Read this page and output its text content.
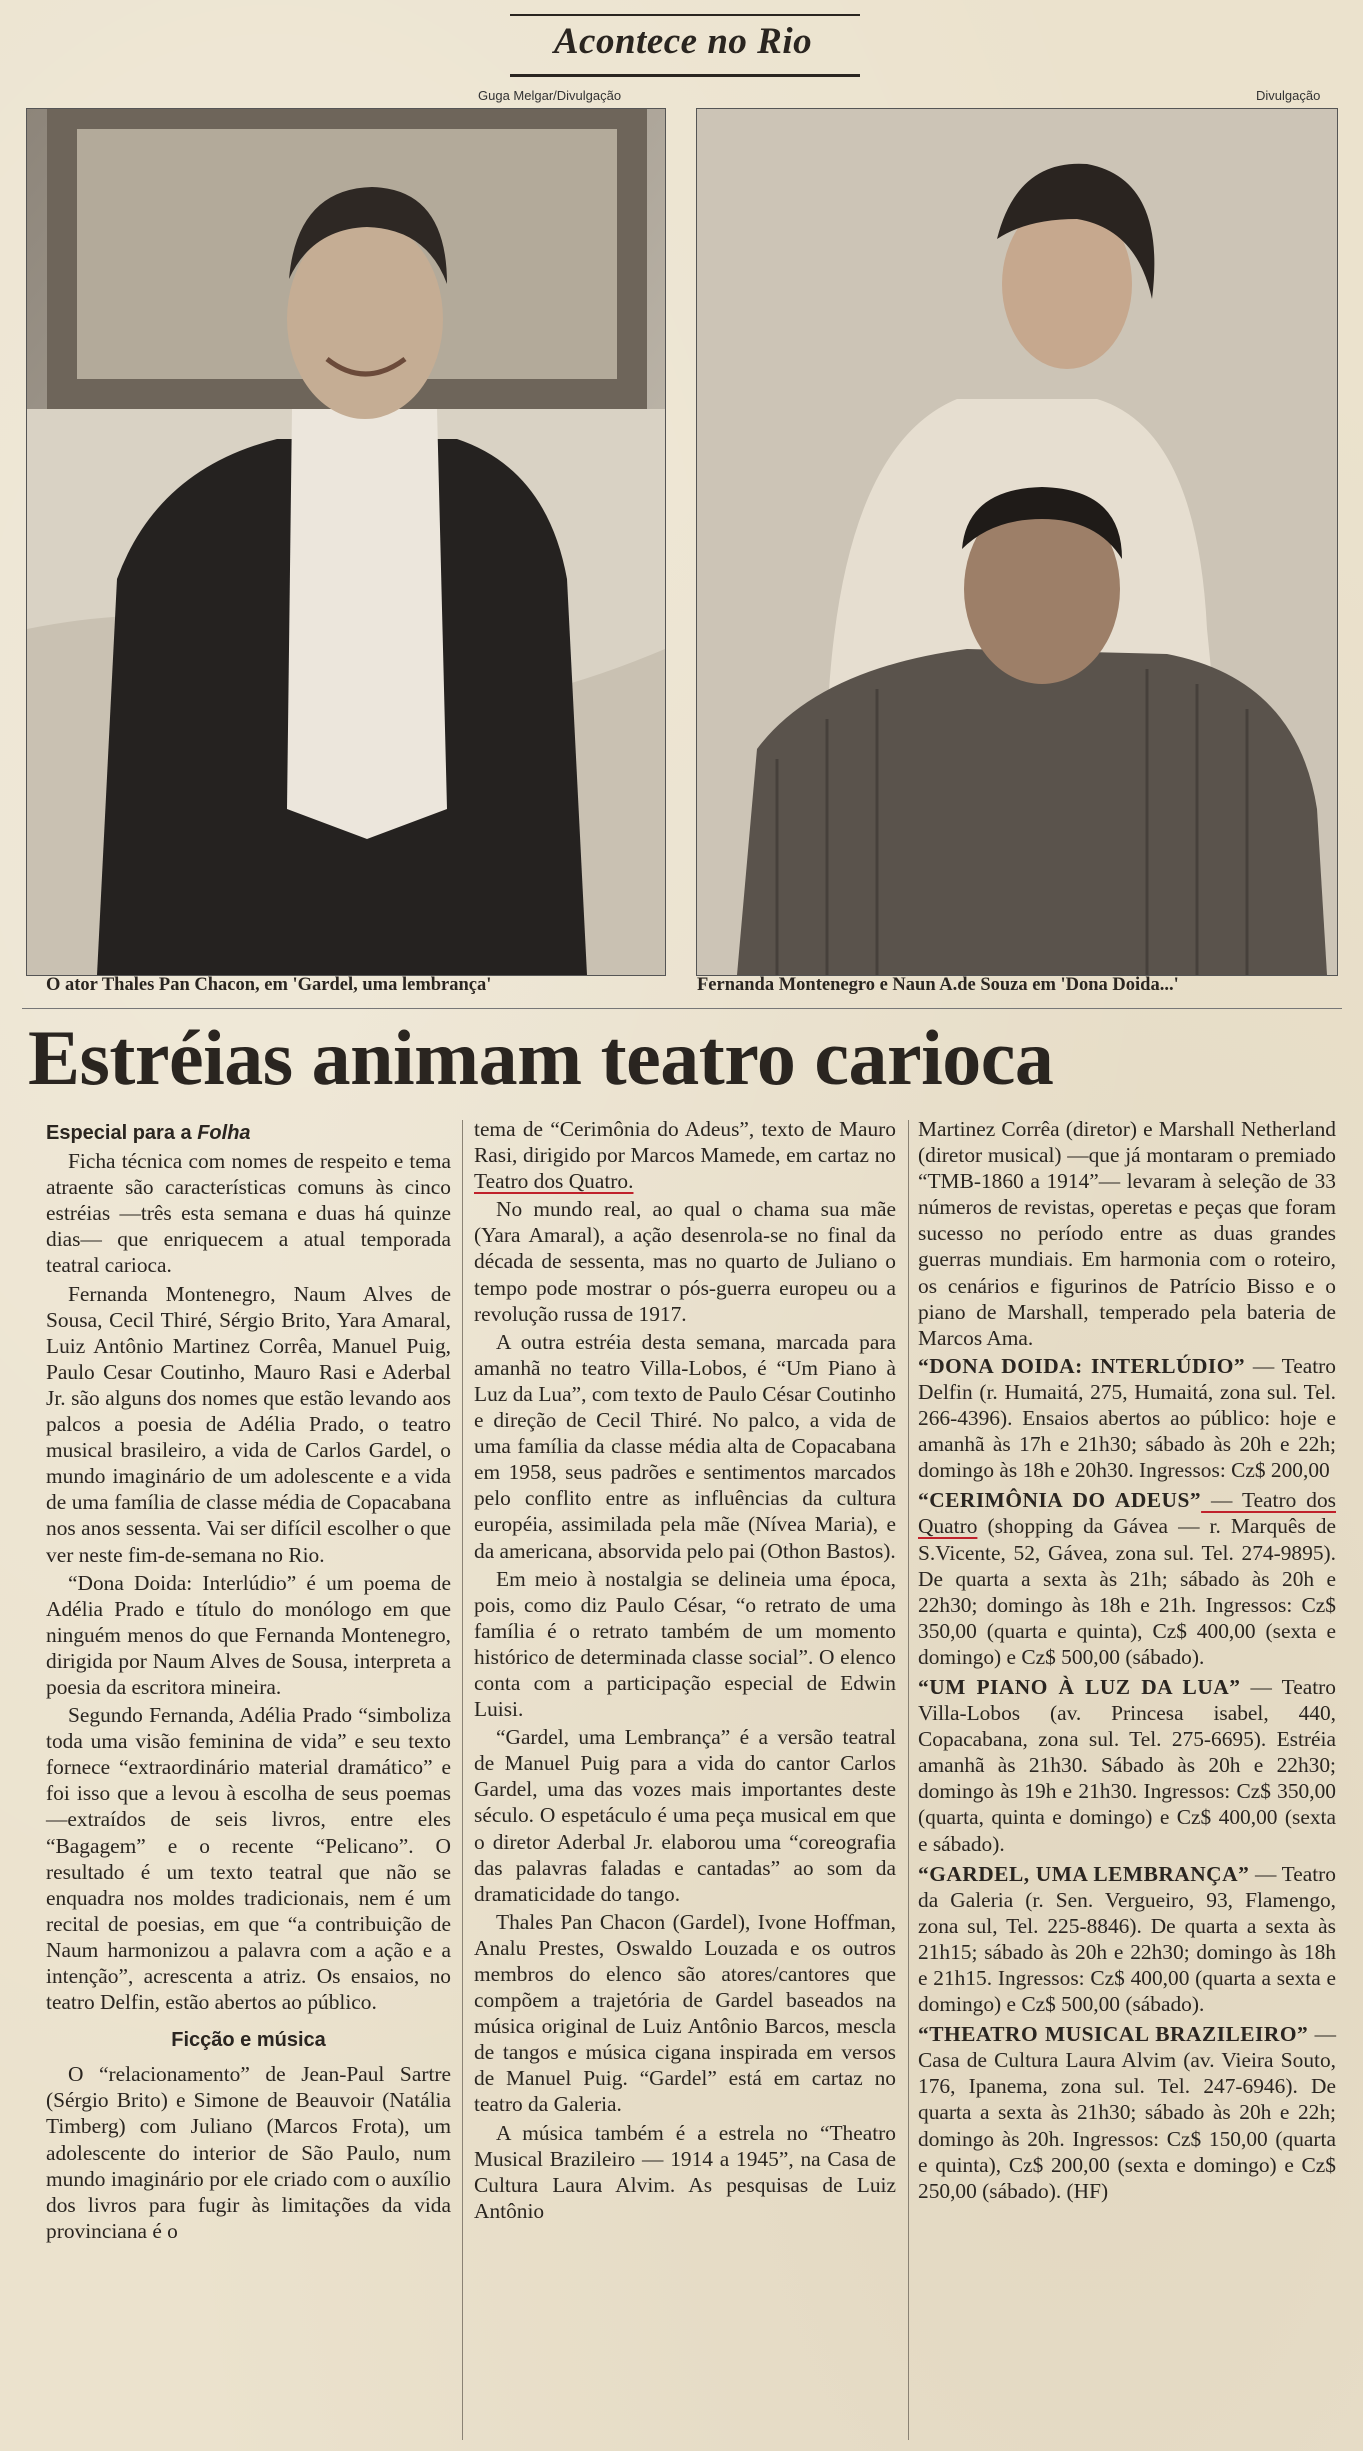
Acontece no Rio
Guga Melgar/Divulgação	Divulgação
O ator Thales Pan Chacon, em 'Gardel, uma lembrança'	Fernanda Montenegro e Naun A.de Souza em 'Dona Doida...'
Estréias animam teatro carioca

Especial para a Folha

Ficha técnica com nomes de respeito e tema atraente são características comuns às cinco estréias —três esta semana e duas há quinze dias— que enriquecem a atual temporada teatral carioca.

Fernanda Montenegro, Naum Alves de Sousa, Cecil Thiré, Sérgio Brito, Yara Amaral, Luiz Antônio Martinez Corrêa, Manuel Puig, Paulo Cesar Coutinho, Mauro Rasi e Aderbal Jr. são alguns dos nomes que estão levando aos palcos a poesia de Adélia Prado, o teatro musical brasileiro, a vida de Carlos Gardel, o mundo imaginário de um adolescente e a vida de uma família de classe média de Copacabana nos anos sessenta. Vai ser difícil escolher o que ver neste fim-de-semana no Rio.

“Dona Doida: Interlúdio” é um poema de Adélia Prado e título do monólogo em que ninguém menos do que Fernanda Montenegro, dirigida por Naum Alves de Sousa, interpreta a poesia da escritora mineira.

Segundo Fernanda, Adélia Prado “simboliza toda uma visão feminina de vida” e seu texto fornece “extraordinário material dramático” e foi isso que a levou à escolha de seus poemas —extraídos de seis livros, entre eles “Bagagem” e o recente “Pelicano”. O resultado é um texto teatral que não se enquadra nos moldes tradicionais, nem é um recital de poesias, em que “a contribuição de Naum harmonizou a palavra com a ação e a intenção”, acrescenta a atriz. Os ensaios, no teatro Delfin, estão abertos ao público.

Ficção e música

O “relacionamento” de Jean-Paul Sartre (Sérgio Brito) e Simone de Beauvoir (Natália Timberg) com Juliano (Marcos Frota), um adolescente do interior de São Paulo, num mundo imaginário por ele criado com o auxílio dos livros para fugir às limitações da vida provinciana é o

tema de “Cerimônia do Adeus”, texto de Mauro Rasi, dirigido por Marcos Mamede, em cartaz no Teatro dos Quatro.

No mundo real, ao qual o chama sua mãe (Yara Amaral), a ação desenrola-se no final da década de sessenta, mas no quarto de Juliano o tempo pode mostrar o pós-guerra europeu ou a revolução russa de 1917.

A outra estréia desta semana, marcada para amanhã no teatro Villa-Lobos, é “Um Piano à Luz da Lua”, com texto de Paulo César Coutinho e direção de Cecil Thiré. No palco, a vida de uma família da classe média alta de Copacabana em 1958, seus padrões e sentimentos marcados pelo conflito entre as influências da cultura européia, assimilada pela mãe (Nívea Maria), e da americana, absorvida pelo pai (Othon Bastos).

Em meio à nostalgia se delineia uma época, pois, como diz Paulo César, “o retrato de uma família é o retrato também de um momento histórico de determinada classe social”. O elenco conta com a participação especial de Edwin Luisi.

“Gardel, uma Lembrança” é a versão teatral de Manuel Puig para a vida do cantor Carlos Gardel, uma das vozes mais importantes deste século. O espetáculo é uma peça musical em que o diretor Aderbal Jr. elaborou uma “coreografia das palavras faladas e cantadas” ao som da dramaticidade do tango.

Thales Pan Chacon (Gardel), Ivone Hoffman, Analu Prestes, Oswaldo Louzada e os outros membros do elenco são atores/cantores que compõem a trajetória de Gardel baseados na música original de Luiz Antônio Barcos, mescla de tangos e música cigana inspirada em versos de Manuel Puig. “Gardel” está em cartaz no teatro da Galeria.

A música também é a estrela no “Theatro Musical Brazileiro — 1914 a 1945”, na Casa de Cultura Laura Alvim. As pesquisas de Luiz Antônio

Martinez Corrêa (diretor) e Marshall Netherland (diretor musical) —que já montaram o premiado “TMB-1860 a 1914”— levaram à seleção de 33 números de revistas, operetas e peças que foram sucesso no período entre as duas grandes guerras mundiais. Em harmonia com o roteiro, os cenários e figurinos de Patrício Bisso e o piano de Marshall, temperado pela bateria de Marcos Ama.

“DONA DOIDA: INTERLÚDIO” — Teatro Delfin (r. Humaitá, 275, Humaitá, zona sul. Tel. 266-4396). Ensaios abertos ao público: hoje e amanhã às 17h e 21h30; sábado às 20h e 22h; domingo às 18h e 20h30. Ingressos: Cz$ 200,00

“CERIMÔNIA DO ADEUS” — Teatro dos Quatro (shopping da Gávea — r. Marquês de S.Vicente, 52, Gávea, zona sul. Tel. 274-9895). De quarta a sexta às 21h; sábado às 20h e 22h30; domingo às 18h e 21h. Ingressos: Cz$ 350,00 (quarta e quinta), Cz$ 400,00 (sexta e domingo) e Cz$ 500,00 (sábado).

“UM PIANO À LUZ DA LUA” — Teatro Villa-Lobos (av. Princesa isabel, 440, Copacabana, zona sul. Tel. 275-6695). Estréia amanhã às 21h30. Sábado às 20h e 22h30; domingo às 19h e 21h30. Ingressos: Cz$ 350,00 (quarta, quinta e domingo) e Cz$ 400,00 (sexta e sábado).

“GARDEL, UMA LEMBRANÇA” — Teatro da Galeria (r. Sen. Vergueiro, 93, Flamengo, zona sul, Tel. 225-8846). De quarta a sexta às 21h15; sábado às 20h e 22h30; domingo às 18h e 21h15. Ingressos: Cz$ 400,00 (quarta a sexta e domingo) e Cz$ 500,00 (sábado).

“THEATRO MUSICAL BRAZILEIRO” — Casa de Cultura Laura Alvim (av. Vieira Souto, 176, Ipanema, zona sul. Tel. 247-6946). De quarta a sexta às 21h30; sábado às 20h e 22h; domingo às 20h. Ingressos: Cz$ 150,00 (quarta e quinta), Cz$ 200,00 (sexta e domingo) e Cz$ 250,00 (sábado). (HF)
